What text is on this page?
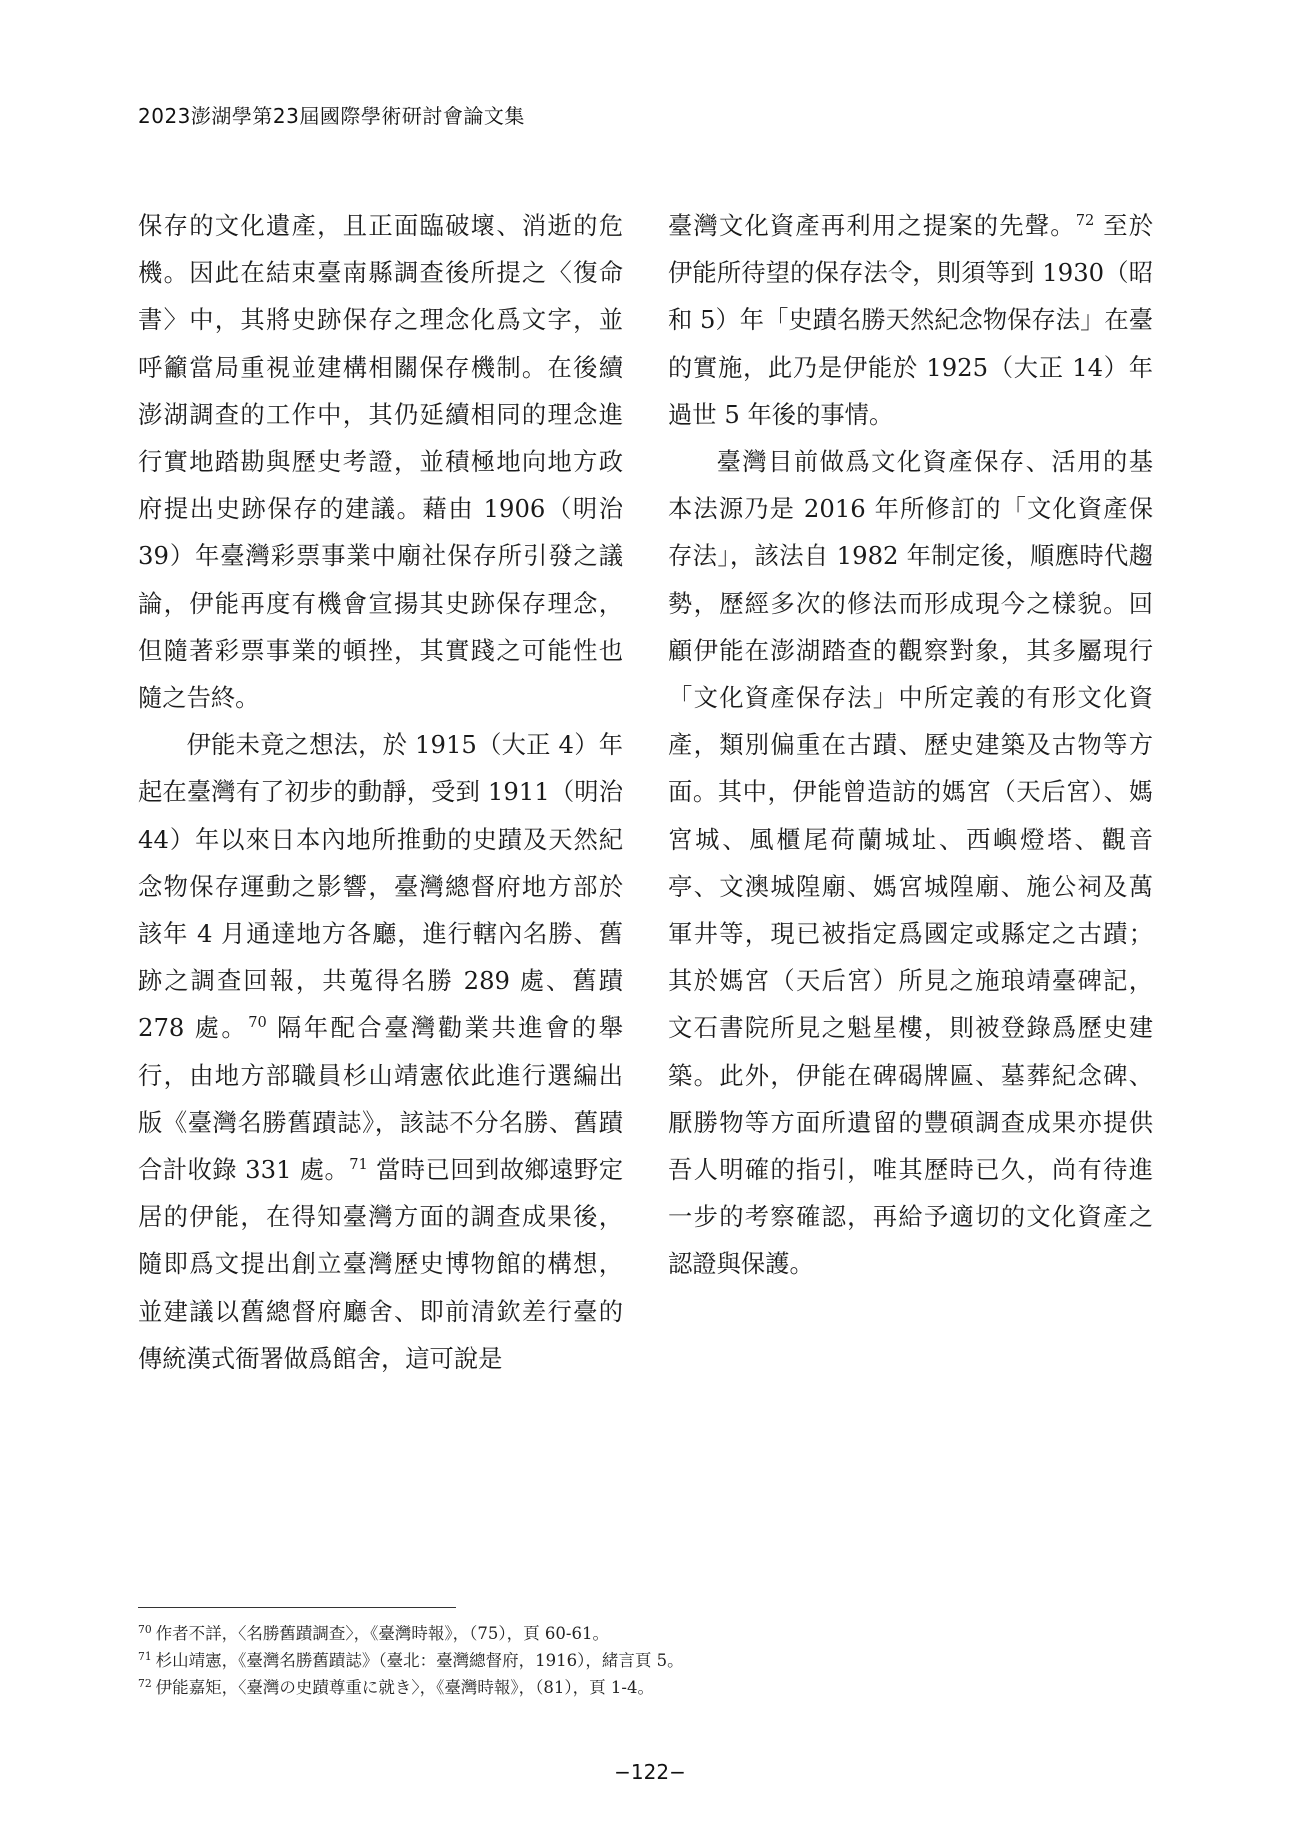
2023澎湖學第23屆國際學術研討會論文集

保存的文化遺產，且正面臨破壞、消逝的危機。因此在結束臺南縣調查後所提之〈復命書〉中，其將史跡保存之理念化爲文字，並呼籲當局重視並建構相關保存機制。在後續澎湖調查的工作中，其仍延續相同的理念進行實地踏勘與歷史考證，並積極地向地方政府提出史跡保存的建議。藉由 1906（明治 39）年臺灣彩票事業中廟社保存所引發之議論，伊能再度有機會宣揚其史跡保存理念，但隨著彩票事業的頓挫，其實踐之可能性也隨之告終。

伊能未竟之想法，於 1915（大正 4）年起在臺灣有了初步的動靜，受到 1911（明治 44）年以來日本內地所推動的史蹟及天然紀念物保存運動之影響，臺灣總督府地方部於該年 4 月通達地方各廳，進行轄內名勝、舊跡之調查回報，共蒐得名勝 289 處、舊蹟 278 處。$^{70}$ 隔年配合臺灣勸業共進會的舉行，由地方部職員杉山靖憲依此進行選編出版《臺灣名勝舊蹟誌》，該誌不分名勝、舊蹟合計收錄 331 處。$^{71}$ 當時已回到故鄉遠野定居的伊能，在得知臺灣方面的調查成果後，隨即爲文提出創立臺灣歷史博物館的構想，並建議以舊總督府廳舍、即前清欽差行臺的傳統漢式衙署做爲館舍，這可說是

臺灣文化資產再利用之提案的先聲。$^{72}$ 至於伊能所待望的保存法令，則須等到 1930（昭和 5）年「史蹟名勝天然紀念物保存法」在臺的實施，此乃是伊能於 1925（大正 14）年過世 5 年後的事情。

臺灣目前做爲文化資產保存、活用的基本法源乃是 2016 年所修訂的「文化資產保存法」，該法自 1982 年制定後，順應時代趨勢，歷經多次的修法而形成現今之樣貌。回顧伊能在澎湖踏查的觀察對象，其多屬現行「文化資產保存法」中所定義的有形文化資產，類別偏重在古蹟、歷史建築及古物等方面。其中，伊能曾造訪的媽宮（天后宮）、媽宮城、風櫃尾荷蘭城址、西嶼燈塔、觀音亭、文澳城隍廟、媽宮城隍廟、施公祠及萬軍井等，現已被指定爲國定或縣定之古蹟；其於媽宮（天后宮）所見之施琅靖臺碑記，文石書院所見之魁星樓，則被登錄爲歷史建築。此外，伊能在碑碣牌匾、墓葬紀念碑、厭勝物等方面所遺留的豐碩調查成果亦提供吾人明確的指引，唯其歷時已久，尚有待進一步的考察確認，再給予適切的文化資產之認證與保護。

$^{70}$ 作者不詳，〈名勝舊蹟調查〉，《臺灣時報》，（75），頁 60-61。
$^{71}$ 杉山靖憲，《臺灣名勝舊蹟誌》（臺北：臺灣總督府，1916），緒言頁 5。
$^{72}$ 伊能嘉矩，〈臺灣の史蹟尊重に就き〉，《臺灣時報》，（81），頁 1-4。
−122−
